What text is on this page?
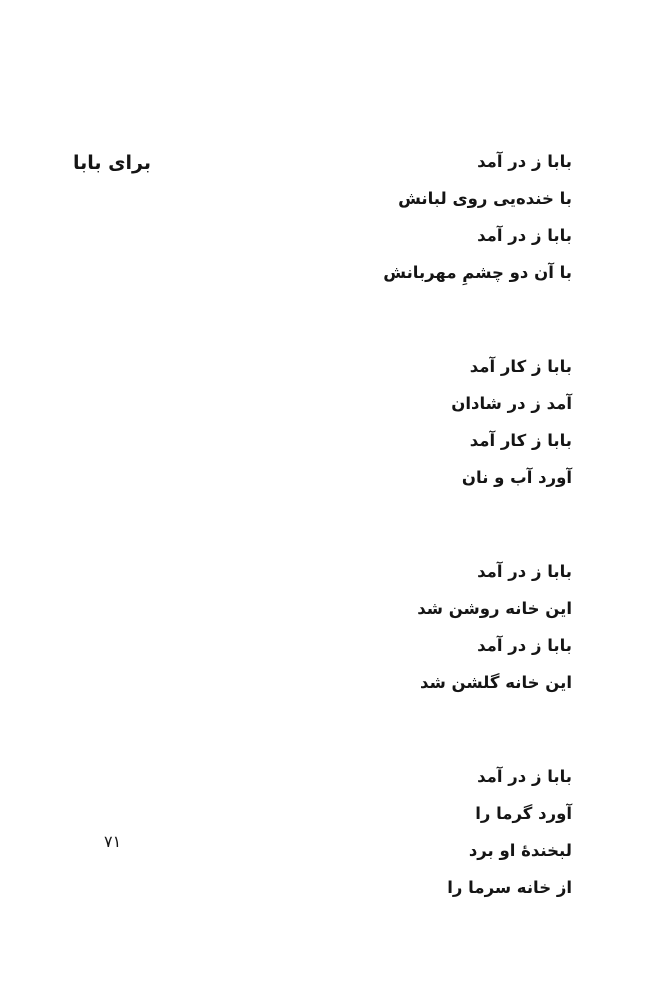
برای بابا	بابا ز در آمد
با خنده‌یی روی لبانش
بابا ز در آمد
با آن دو چشمِ مهربانش
بابا ز کار آمد
آمد ز در شادان
بابا ز کار آمد
آورد آب و نان
بابا ز در آمد
این خانه روشن شد
بابا ز در آمد
این خانه گلشن شد
بابا ز در آمد
آورد گرما را
لبخندهٔ او برد
از خانه سرما را
۷۱
